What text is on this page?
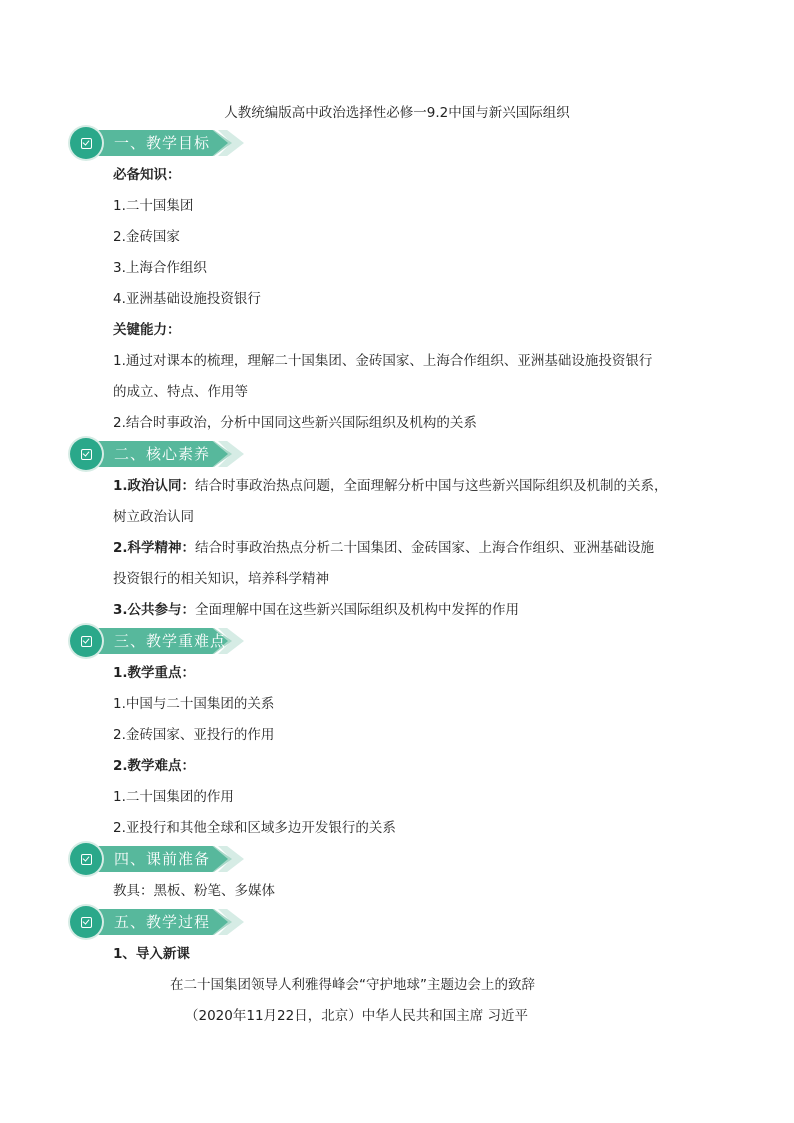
人教统编版高中政治选择性必修一9.2中国与新兴国际组织
一、教学目标
必备知识：
1.二十国集团
2.金砖国家
3.上海合作组织
4.亚洲基础设施投资银行
关键能力：
1.通过对课本的梳理，理解二十国集团、金砖国家、上海合作组织、亚洲基础设施投资银行
的成立、特点、作用等
2.结合时事政治，分析中国同这些新兴国际组织及机构的关系
二、核心素养
1.政治认同：结合时事政治热点问题，全面理解分析中国与这些新兴国际组织及机制的关系，
树立政治认同
2.科学精神：结合时事政治热点分析二十国集团、金砖国家、上海合作组织、亚洲基础设施
投资银行的相关知识，培养科学精神
3.公共参与：全面理解中国在这些新兴国际组织及机构中发挥的作用
三、教学重难点
1.教学重点：
1.中国与二十国集团的关系
2.金砖国家、亚投行的作用
2.教学难点：
1.二十国集团的作用
2.亚投行和其他全球和区域多边开发银行的关系
四、课前准备
教具：黑板、粉笔、多媒体
五、教学过程
1、导入新课
在二十国集团领导人利雅得峰会“守护地球”主题边会上的致辞
（2020年11月22日，北京）中华人民共和国主席 习近平
